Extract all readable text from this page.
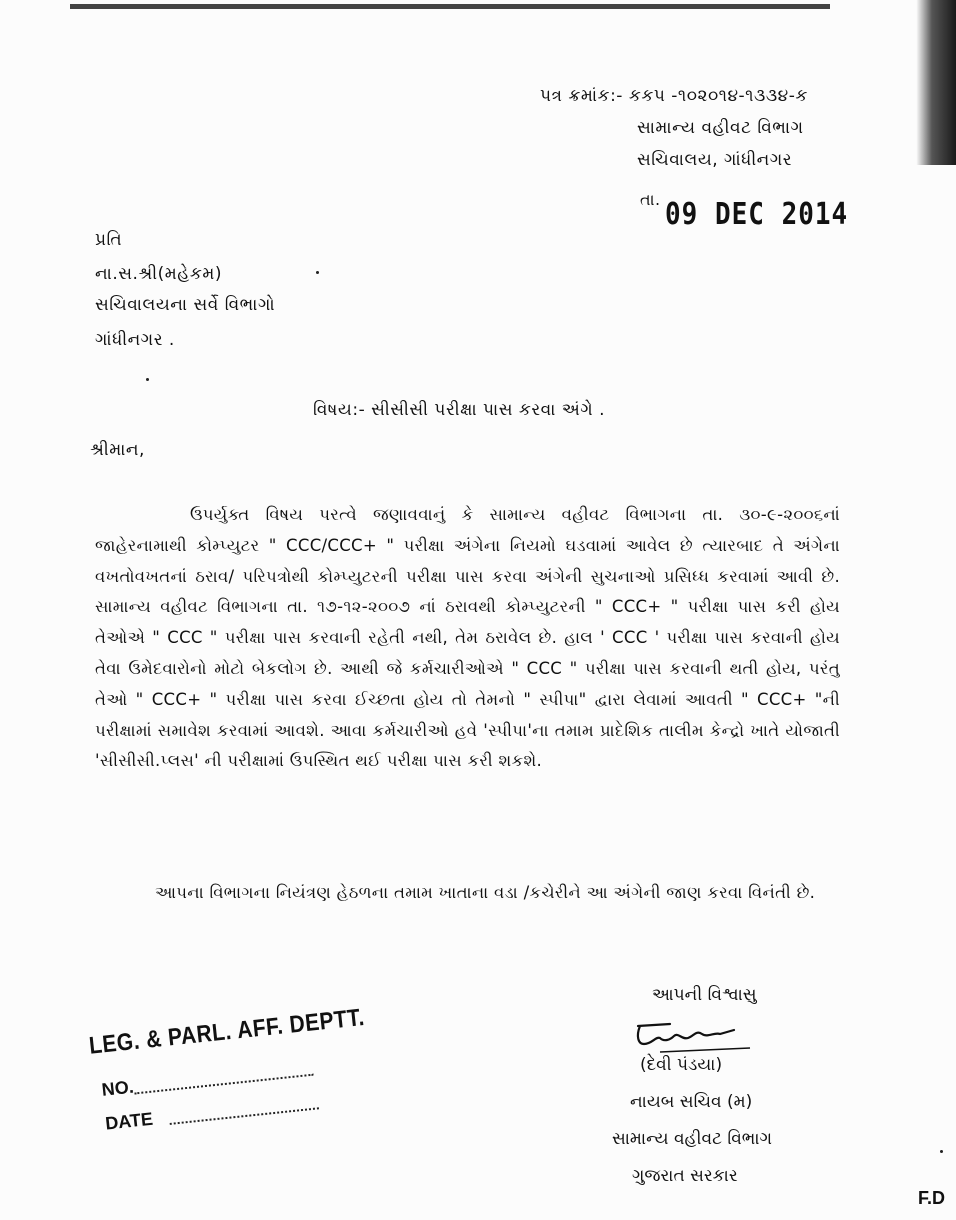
પત્ર ક્રમાંક:- કકપ -૧૦૨૦૧૪-૧૩૩૪-ક
સામાન્ય વહીવટ વિભાગ
સચિવાલય, ગાંધીનગર
તા. 09 DEC 2014
પ્રતિ
ના.સ.શ્રી(મહેકમ)
સચિવાલયના સર્વે વિભાગો
ગાંધીનગર .
વિષય:- સીસીસી પરીક્ષા પાસ કરવા અંગે .
શ્રીમાન,
ઉપર્યુક્ત વિષય પરત્વે જણાવવાનું કે સામાન્ય વહીવટ વિભાગના તા. ૩૦-૯-૨૦૦૬નાં જાહેરનામાથી કોમ્પ્યુટર " CCC/CCC+ " પરીક્ષા અંગેના નિયમો ઘડવામાં આવેલ છે ત્યારબાદ તે અંગેના વખતોવખતનાં ઠરાવ/ પરિપત્રોથી કોમ્પ્યુટરની પરીક્ષા પાસ કરવા અંગેની સુચનાઓ પ્રસિધ્ધ કરવામાં આવી છે. સામાન્ય વહીવટ વિભાગના તા. ૧૭-૧૨-૨૦૦૭ નાં ઠરાવથી કોમ્પ્યુટરની " CCC+ " પરીક્ષા પાસ કરી હોય તેઓએ " CCC " પરીક્ષા પાસ કરવાની રહેતી નથી, તેમ ઠરાવેલ છે. હાલ ' CCC ' પરીક્ષા પાસ કરવાની હોય તેવા ઉમેદવારોનો મોટો બેકલોગ છે. આથી જે કર્મચારીઓએ " CCC " પરીક્ષા પાસ કરવાની થતી હોય, પરંતુ તેઓ " CCC+ " પરીક્ષા પાસ કરવા ઈચ્છતા હોય તો તેમનો " સ્પીપા" દ્વારા લેવામાં આવતી " CCC+ "ની પરીક્ષામાં સમાવેશ કરવામાં આવશે. આવા કર્મચારીઓ હવે 'સ્પીપા'ના તમામ પ્રાદેશિક તાલીમ કેન્દ્રો ખાતે યોજાતી 'સીસીસી.પ્લસ' ની પરીક્ષામાં ઉપસ્થિત થઈ પરીક્ષા પાસ કરી શકશે.
આપના વિભાગના નિયંત્રણ હેઠળના તમામ ખાતાના વડા /કચેરીને આ અંગેની જાણ કરવા વિનંતી છે.
આપની વિશ્વાસુ
(દેવી પંડયા)
નાયબ સચિવ (મ)
સામાન્ય વહીવટ વિભાગ
ગુજરાત સરકાર
LEG. & PARL. AFF. DEPTT.
NO.
DATE
F.D
